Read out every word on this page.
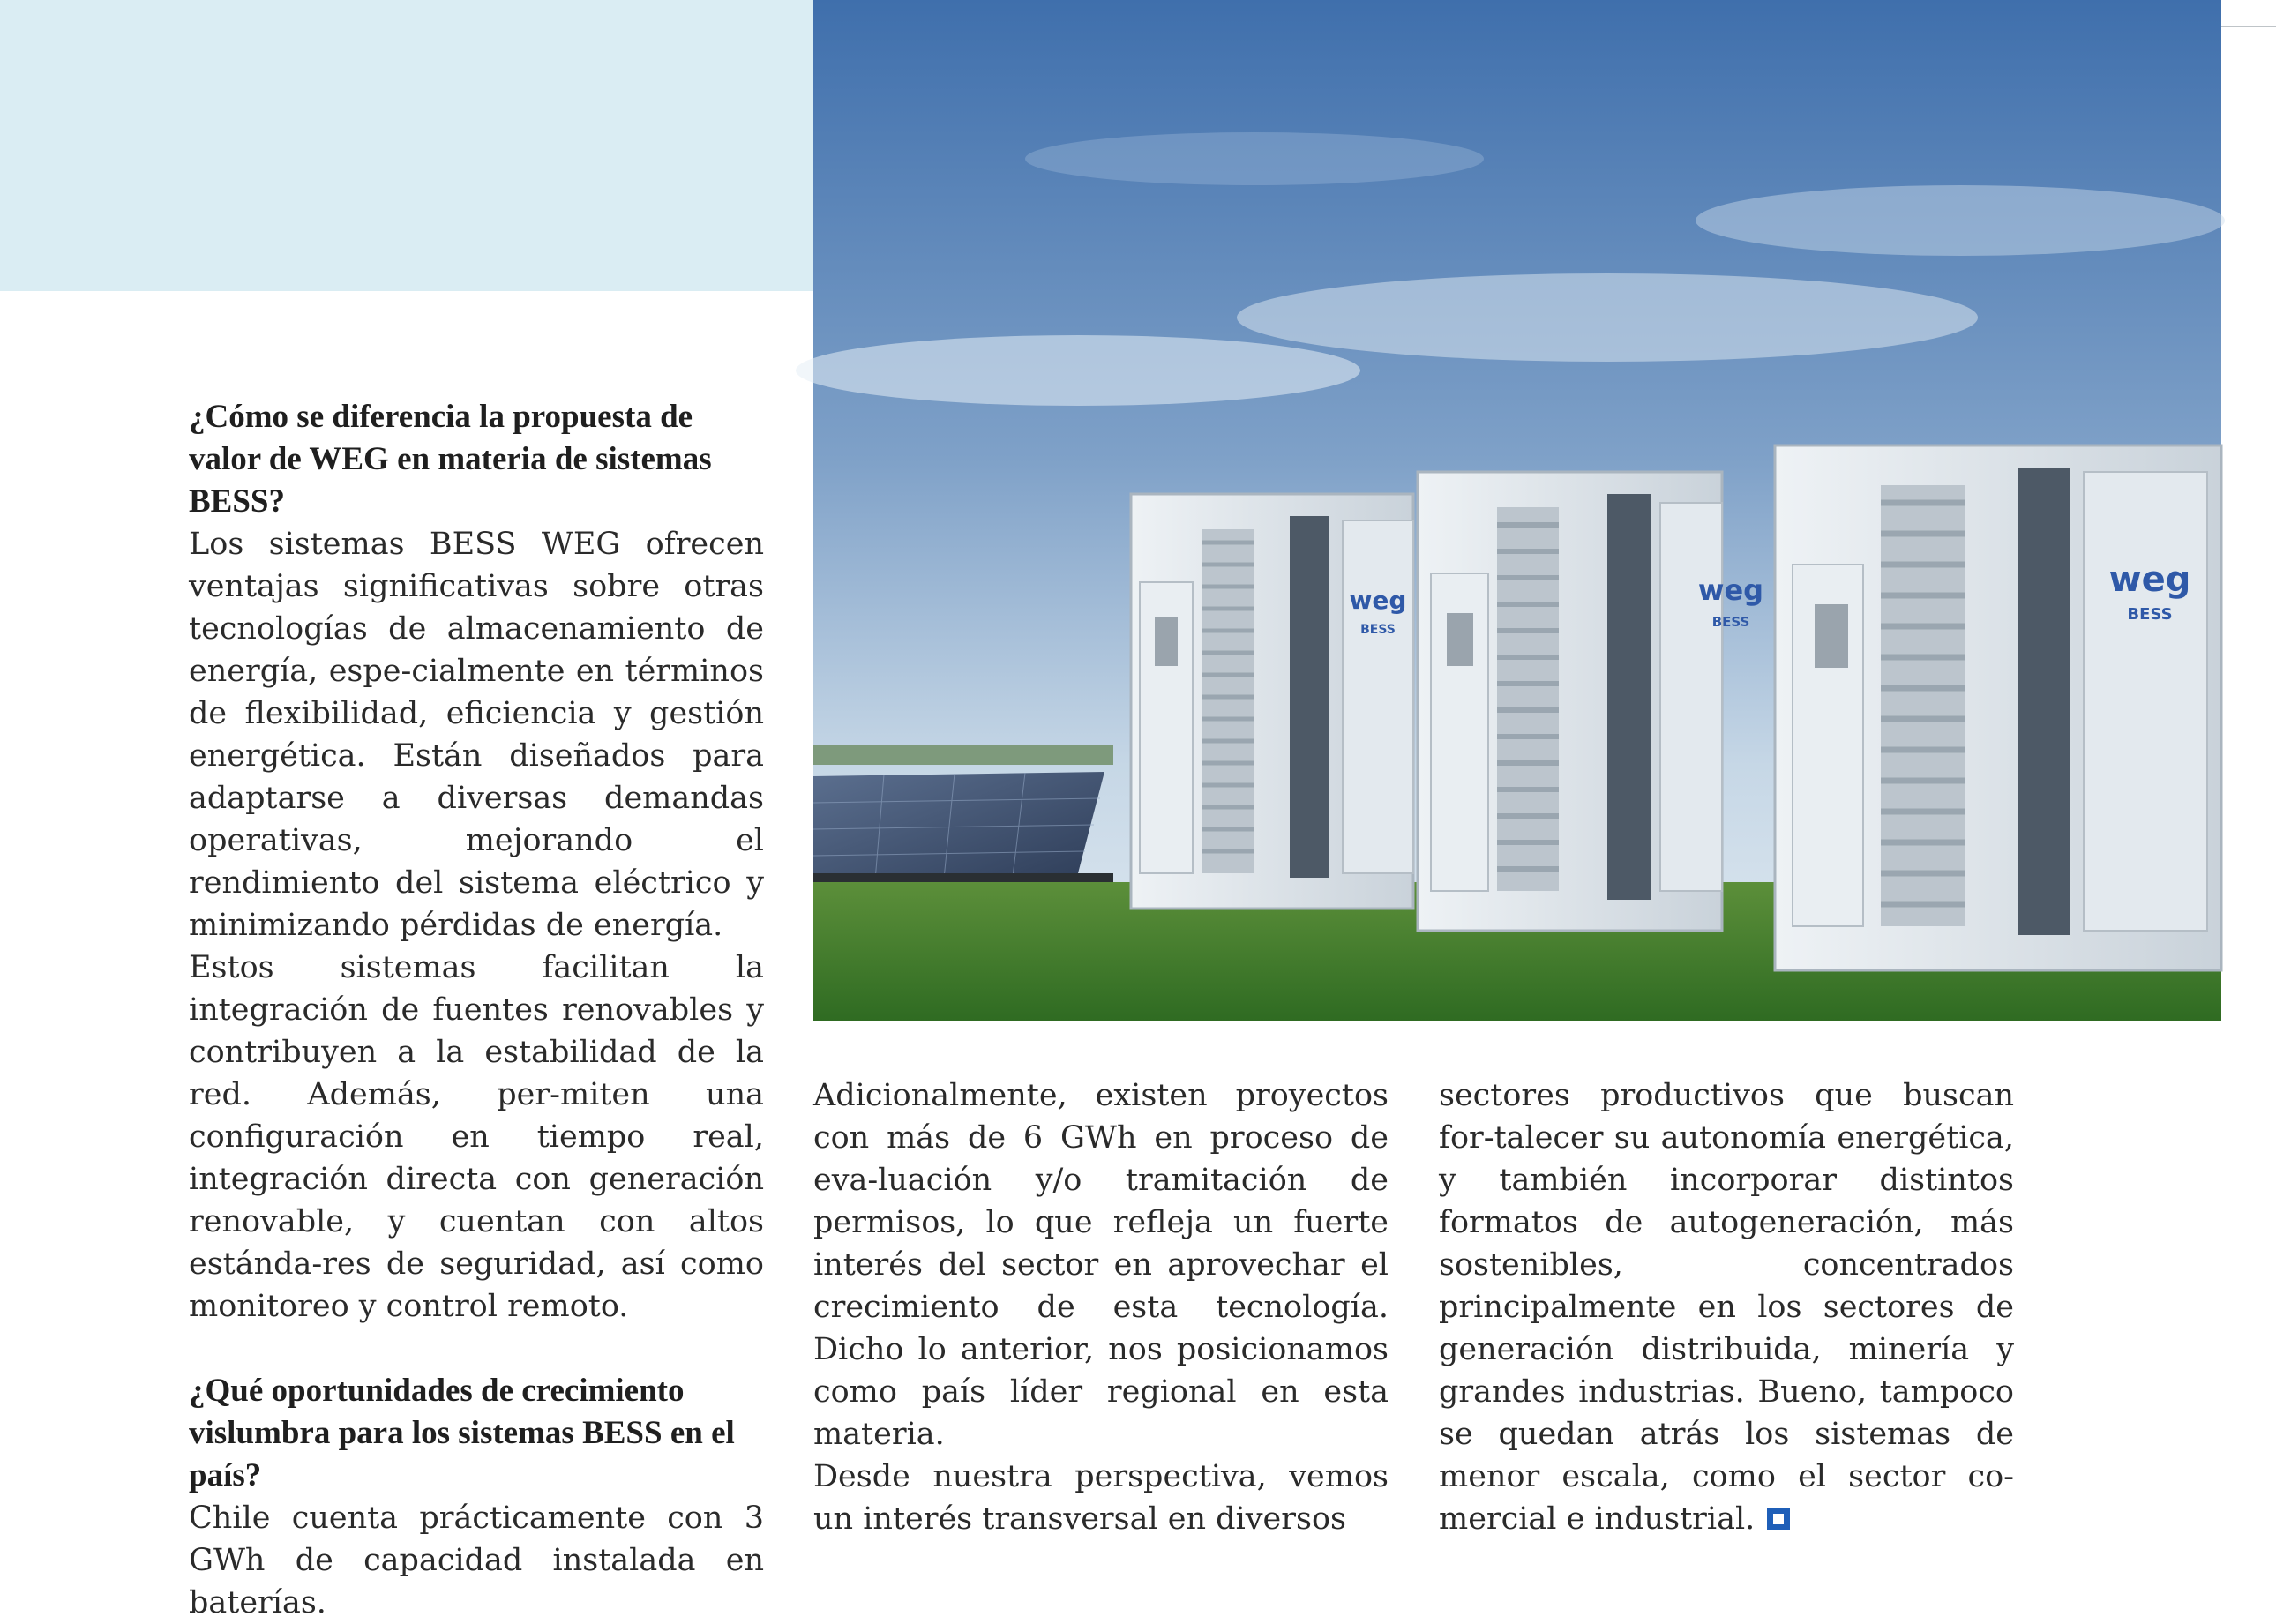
weg
BESS
weg
BESS
weg
BESS
¿Cómo se diferencia la propuesta de valor de WEG en materia de sistemas BESS?

Los sistemas BESS WEG ofrecen ventajas significativas sobre otras tecnologías de almacenamiento de energía, espe-cialmente en términos de flexibilidad, eficiencia y gestión energética. Están diseñados para adaptarse a diversas demandas operativas, mejorando el rendimiento del sistema eléctrico y minimizando pérdidas de energía.

Estos sistemas facilitan la integración de fuentes renovables y contribuyen a la estabilidad de la red. Además, per-miten una configuración en tiempo real, integración directa con generación renovable, y cuentan con altos estánda-res de seguridad, así como monitoreo y control remoto.

¿Qué oportunidades de crecimiento vislumbra para los sistemas BESS en el país?

Chile cuenta prácticamente con 3 GWh de capacidad instalada en baterías.

Adicionalmente, existen proyectos con más de 6 GWh en proceso de eva-luación y/o tramitación de permisos, lo que refleja un fuerte interés del sector en aprovechar el crecimiento de esta tecnología. Dicho lo anterior, nos posicionamos como país líder regional en esta materia.

Desde nuestra perspectiva, vemos un interés transversal en diversos

sectores productivos que buscan for-talecer su autonomía energética, y también incorporar distintos formatos de autogeneración, más sostenibles, concentrados principalmente en los sectores de generación distribuida, minería y grandes industrias. Bueno, tampoco se quedan atrás los sistemas de menor escala, como el sector co-mercial e industrial.
